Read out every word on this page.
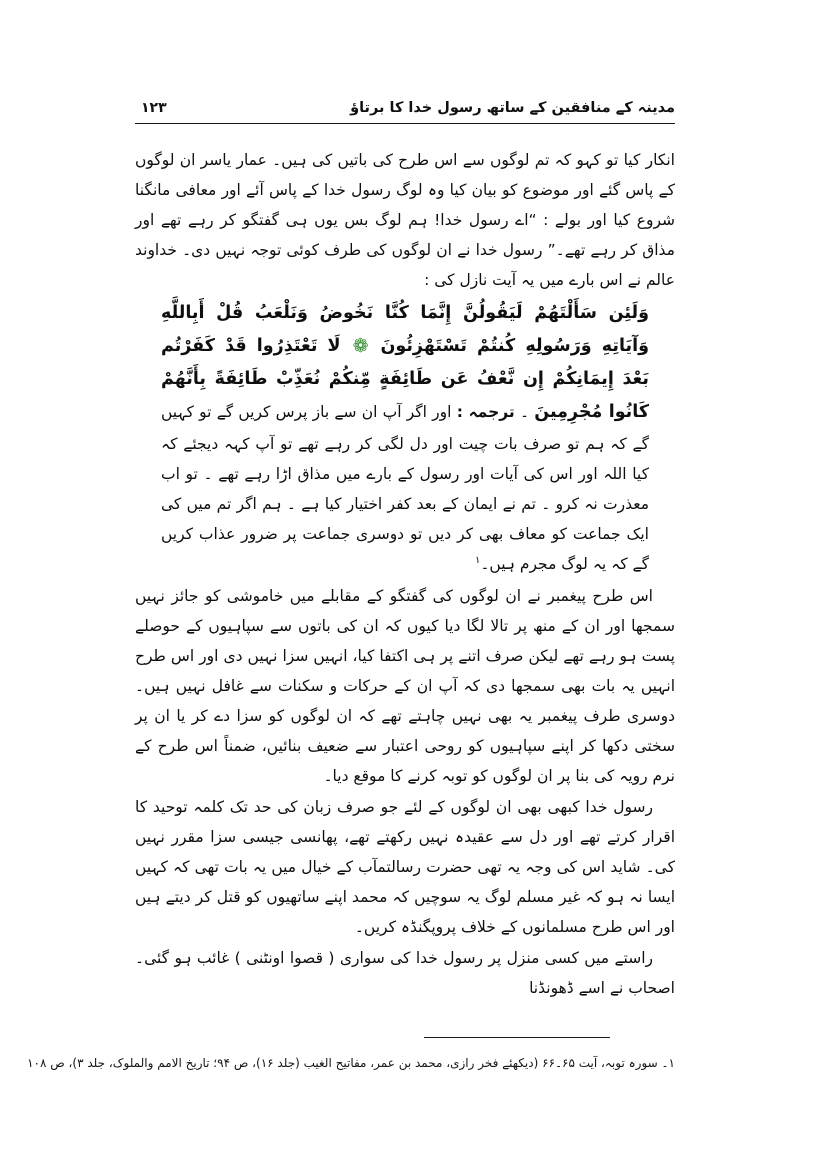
مدینہ کے منافقین کے ساتھ رسول خدا کا برتاؤ
۱۲۳

انکار کیا تو کہو کہ تم لوگوں سے اس طرح کی باتیں کی ہیں۔ عمار یاسر ان لوگوں کے پاس گئے اور موضوع کو بیان کیا وہ لوگ رسول خدا کے پاس آئے اور معافی مانگنا شروع کیا اور بولے : “اے رسول خدا! ہم لوگ بس یوں ہی گفتگو کر رہے تھے اور مذاق کر رہے تھے۔” رسول خدا نے ان لوگوں کی طرف کوئی توجہ نہیں دی۔ خداوند عالم نے اس بارے میں یہ آیت نازل کی :

وَلَئِن سَأَلْتَهُمْ لَيَقُولُنَّ إِنَّمَا كُنَّا نَخُوضُ وَنَلْعَبُ قُلْ أَبِاللَّهِ وَآيَاتِهِ وَرَسُولِهِ كُنتُمْ تَسْتَهْزِئُونَ ❁ لَا تَعْتَذِرُوا قَدْ كَفَرْتُم بَعْدَ إِيمَانِكُمْ إِن نَّعْفُ عَن طَائِفَةٍ مِّنكُمْ نُعَذِّبْ طَائِفَةً بِأَنَّهُمْ كَانُوا مُجْرِمِينَ ۔ ترجمہ : اور اگر آپ ان سے باز پرس کریں گے تو کہیں گے کہ ہم تو صرف بات چیت اور دل لگی کر رہے تھے تو آپ کہہ دیجئے کہ کیا اللہ اور اس کی آیات اور رسول کے بارے میں مذاق اڑا رہے تھے ۔ تو اب معذرت نہ کرو ۔ تم نے ایمان کے بعد کفر اختیار کیا ہے ۔ ہم اگر تم میں کی ایک جماعت کو معاف بھی کر دیں تو دوسری جماعت پر ضرور عذاب کریں گے کہ یہ لوگ مجرم ہیں۔$^۱$

اس طرح پیغمبر نے ان لوگوں کی گفتگو کے مقابلے میں خاموشی کو جائز نہیں سمجھا اور ان کے منھ پر تالا لگا دیا کیوں کہ ان کی باتوں سے سپاہیوں کے حوصلے پست ہو رہے تھے لیکن صرف اتنے پر ہی اکتفا کیا، انہیں سزا نہیں دی اور اس طرح انہیں یہ بات بھی سمجھا دی کہ آپ ان کے حرکات و سکنات سے غافل نہیں ہیں۔ دوسری طرف پیغمبر یہ بھی نہیں چاہتے تھے کہ ان لوگوں کو سزا دے کر یا ان پر سختی دکھا کر اپنے سپاہیوں کو روحی اعتبار سے ضعیف بنائیں، ضمناً اس طرح کے نرم رویہ کی بنا پر ان لوگوں کو توبہ کرنے کا موقع دیا۔

رسول خدا کبھی بھی ان لوگوں کے لئے جو صرف زبان کی حد تک کلمہ توحید کا اقرار کرتے تھے اور دل سے عقیدہ نہیں رکھتے تھے، پھانسی جیسی سزا مقرر نہیں کی۔ شاید اس کی وجہ یہ تھی حضرت رسالتمآب کے خیال میں یہ بات تھی کہ کہیں ایسا نہ ہو کہ غیر مسلم لوگ یہ سوچیں کہ محمد اپنے ساتھیوں کو قتل کر دیتے ہیں اور اس طرح مسلمانوں کے خلاف پروپگنڈہ کریں۔

راستے میں کسی منزل پر رسول خدا کی سواری ( قصوا اونٹنی ) غائب ہو گئی۔ اصحاب نے اسے ڈھونڈنا

۱۔ سورہ توبہ، آیت ۶۵۔۶۶ (دیکھئے فخر رازی، محمد بن عمر، مفاتیح الغیب (جلد ۱۶)، ص ۹۴؛ تاریخ الامم والملوک، جلد ۳)، ص ۱۰۸
